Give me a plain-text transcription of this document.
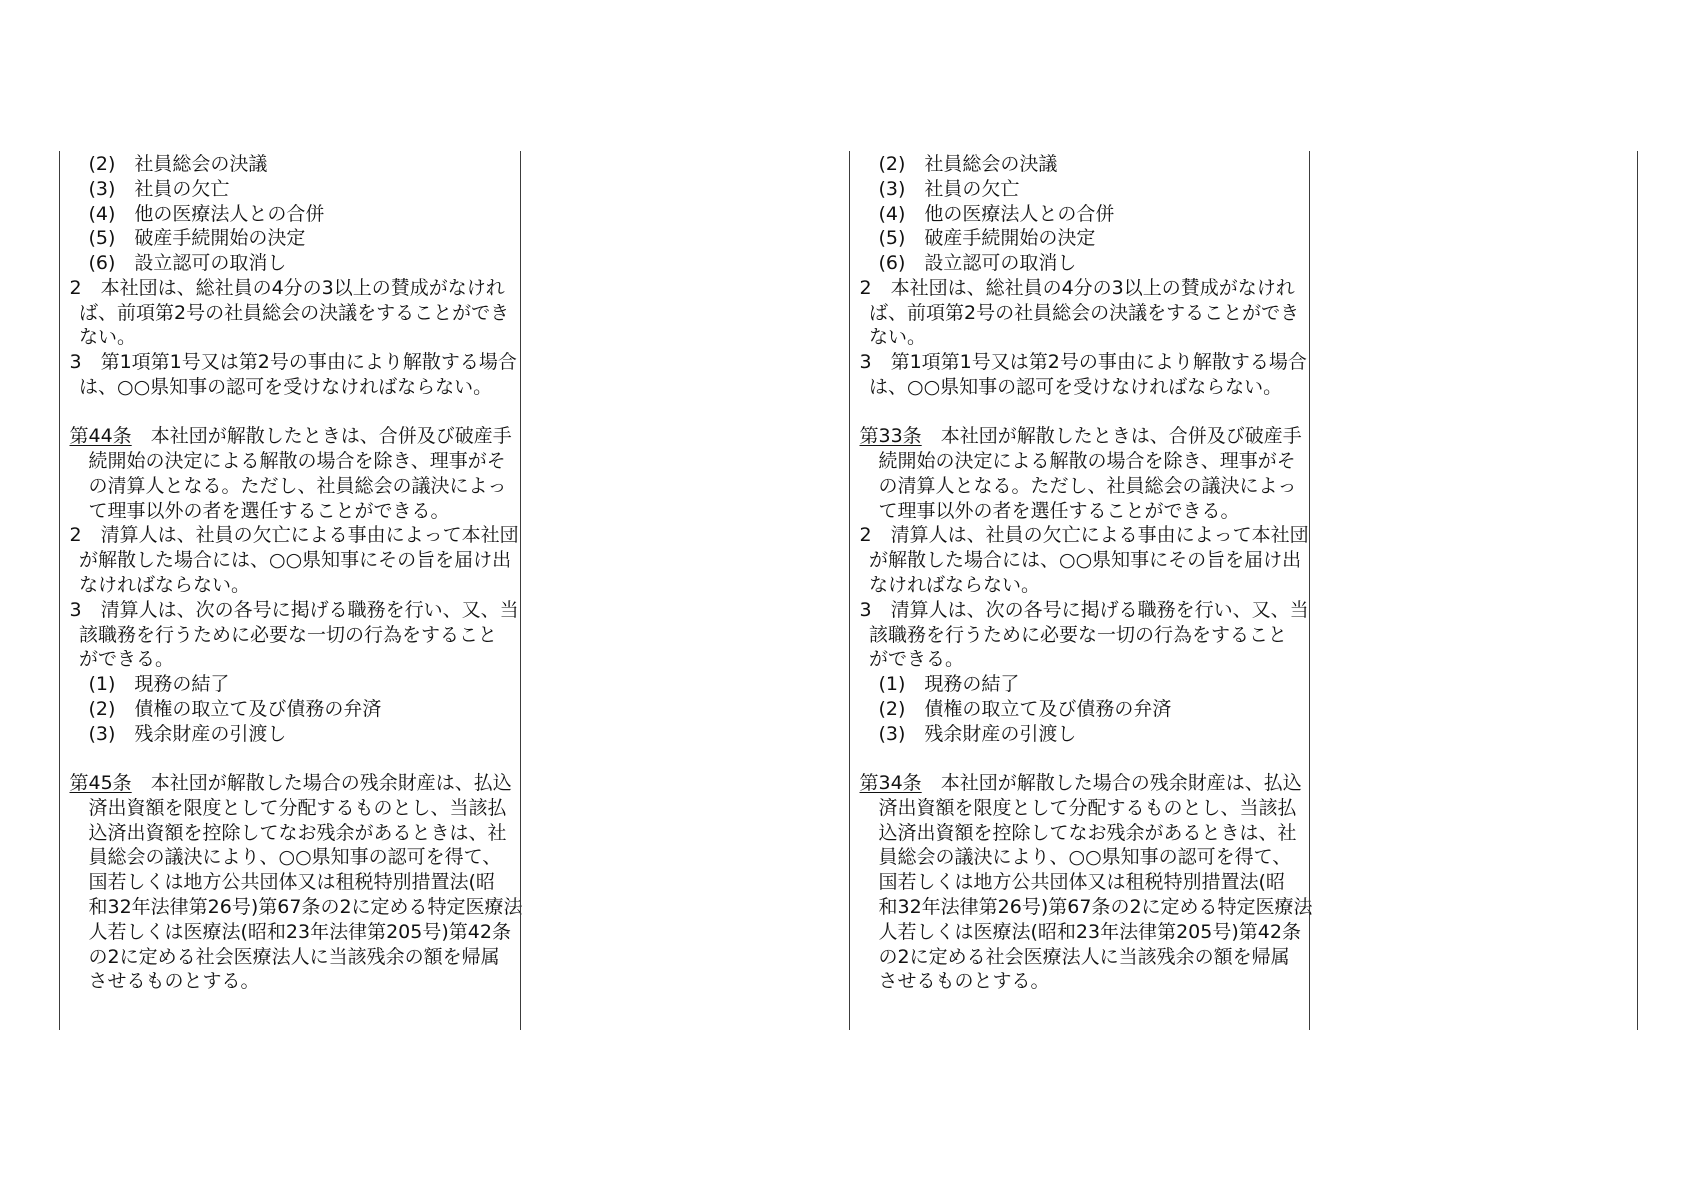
(2)　社員総会の決議
(3)　社員の欠亡
(4)　他の医療法人との合併
(5)　破産手続開始の決定
(6)　設立認可の取消し
2　本社団は、総社員の4分の3以上の賛成がなけれ
ば、前項第2号の社員総会の決議をすることができ
ない。
3　第1項第1号又は第2号の事由により解散する場合
は、○○県知事の認可を受けなければならない。
第44条　本社団が解散したときは、合併及び破産手
続開始の決定による解散の場合を除き、理事がそ
の清算人となる。ただし、社員総会の議決によっ
て理事以外の者を選任することができる。
2　清算人は、社員の欠亡による事由によって本社団
が解散した場合には、○○県知事にその旨を届け出
なければならない。
3　清算人は、次の各号に掲げる職務を行い、又、当
該職務を行うために必要な一切の行為をすること
ができる。
(1)　現務の結了
(2)　債権の取立て及び債務の弁済
(3)　残余財産の引渡し
第45条　本社団が解散した場合の残余財産は、払込
済出資額を限度として分配するものとし、当該払
込済出資額を控除してなお残余があるときは、社
員総会の議決により、○○県知事の認可を得て、
国若しくは地方公共団体又は租税特別措置法(昭
和32年法律第26号)第67条の2に定める特定医療法
人若しくは医療法(昭和23年法律第205号)第42条
の2に定める社会医療法人に当該残余の額を帰属
させるものとする。
(2)　社員総会の決議
(3)　社員の欠亡
(4)　他の医療法人との合併
(5)　破産手続開始の決定
(6)　設立認可の取消し
2　本社団は、総社員の4分の3以上の賛成がなけれ
ば、前項第2号の社員総会の決議をすることができ
ない。
3　第1項第1号又は第2号の事由により解散する場合
は、○○県知事の認可を受けなければならない。
第33条　本社団が解散したときは、合併及び破産手
続開始の決定による解散の場合を除き、理事がそ
の清算人となる。ただし、社員総会の議決によっ
て理事以外の者を選任することができる。
2　清算人は、社員の欠亡による事由によって本社団
が解散した場合には、○○県知事にその旨を届け出
なければならない。
3　清算人は、次の各号に掲げる職務を行い、又、当
該職務を行うために必要な一切の行為をすること
ができる。
(1)　現務の結了
(2)　債権の取立て及び債務の弁済
(3)　残余財産の引渡し
第34条　本社団が解散した場合の残余財産は、払込
済出資額を限度として分配するものとし、当該払
込済出資額を控除してなお残余があるときは、社
員総会の議決により、○○県知事の認可を得て、
国若しくは地方公共団体又は租税特別措置法(昭
和32年法律第26号)第67条の2に定める特定医療法
人若しくは医療法(昭和23年法律第205号)第42条
の2に定める社会医療法人に当該残余の額を帰属
させるものとする。
